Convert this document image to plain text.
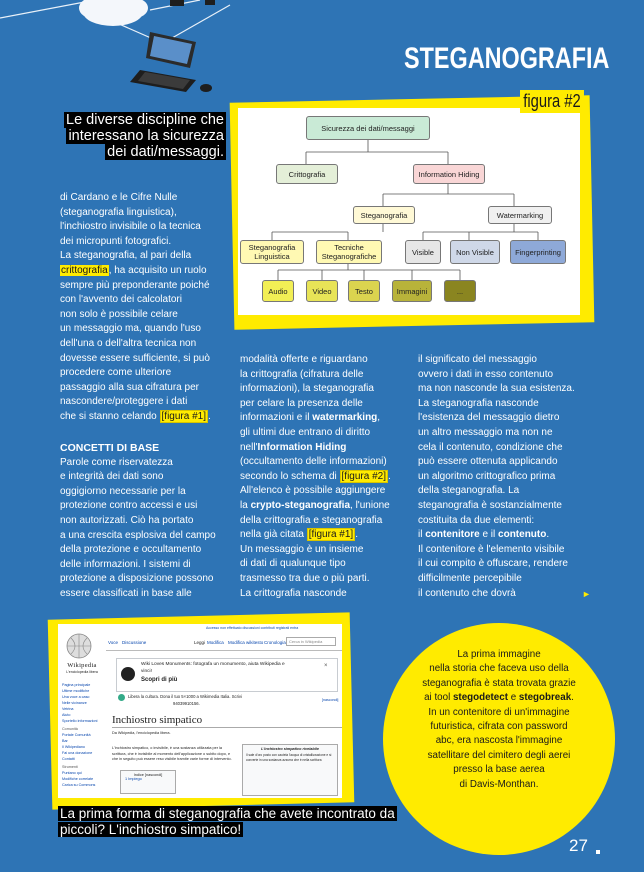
STEGANOGRAFIA
Sicurezza dei dati/messaggi
Crittografia	Information Hiding
Steganografia	Watermarking
Steganografia Linguistica
Tecniche Steganografiche	Visible	Non Visible	Fingerprinting
Audio	Video	Testo	Immagini	...
figura #2
Le diverse discipline che interessano la sicurezza dei dati/messaggi.

di Cardano e le Cifre Nulle

(steganografia linguistica),

l'inchiostro invisibile o la tecnica

dei micropunti fotografici.

La steganografia, al pari della

crittografia, ha acquisito un ruolo

sempre più preponderante poiché

con l'avvento dei calcolatori

non solo è possibile celare

un messaggio ma, quando l'uso

dell'una o dell'altra tecnica non

dovesse essere sufficiente, si può

procedere come ulteriore

passaggio alla sua cifratura per

nascondere/proteggere i dati

che si stanno celando [figura #1] .

CONCETTI DI BASE

Parole come riservatezza

e integrità dei dati sono

oggigiorno necessarie per la

protezione contro accessi e usi

non autorizzati. Ciò ha portato

a una crescita esplosiva del campo

della protezione e occultamento

delle informazioni. I sistemi di

protezione a disposizione possono

essere classificati in base alle

modalità offerte e riguardano

la crittografia (cifratura delle

informazioni), la steganografia

per celare la presenza delle

informazioni e il watermarking,

gli ultimi due entrano di diritto

nell'Information Hiding

(occultamento delle informazioni)

secondo lo schema di [figura #2] .

All'elenco è possibile aggiungere

la crypto-steganografia, l'unione

della crittografia e steganografia

nella già citata [figura #1] .

Un messaggio è un insieme

di dati di qualunque tipo

trasmesso tra due o più parti.

La crittografia nasconde

il significato del messaggio

ovvero i dati in esso contenuto

ma non nasconde la sua esistenza.

La steganografia nasconde

l'esistenza del messaggio dietro

un altro messaggio ma non ne

cela il contenuto, condizione che

può essere ottenuta applicando

un algoritmo crittografico prima

della steganografia. La

steganografia è sostanzialmente

costituita da due elementi:

il contenitore e il contenuto.

Il contenitore è l'elemento visibile

il cui compito è offuscare, rendere

difficilmente percepibile

il contenuto che dovrà	►
Wikipedia
L'enciclopedia libera
Pagina principale
Ultime modifiche
Una voce a caso
Nelle vicinanze
Vetrina
Aiuto
Sportello informazioni
Comunità
Portale Comunità
Bar
Il Wikipediano
Fai una donazione
Contatti
Strumenti
Puntano qui
Modifiche correlate
Carica su Commons
Accesso non effettuato discussioni contributi registrati entra
Voce Discussione	Leggi Modifica Modifica wikitesto Cronologia Cerca in Wikipedia
Wiki Loves Monuments: fotografa un monumento, aiuta Wikipedia e
vinci!
Scopri di più
×
Libera la cultura. Dona il tuo 5×1000 a Wikimedia Italia. Scrivi
94039910156.
[nascondi]
Inchiostro simpatico
Da Wikipedia, l'enciclopedia libera.
L'inchiostro simpatico, o invisibile, è una sostanza utilizzata per la scrittura, che è invisibile al momento dell'applicazione o subito dopo, e che in seguito può essere reso visibile tramite varie forme di intervento.
Indice [nascondi]
1 Impiego
L'inchiostro simpatico rivelabile
Il sale d'oro posto con cautela l'acqua di cristallizzazione e si converte in una sostanza azzurra che è nella scrittura
La prima forma di steganografia che avete incontrato da piccoli? L'inchiostro simpatico!
La prima immagine
nella storia che faceva uso della
steganografia è stata trovata grazie
ai tool stegodetect e stegobreak.
In un contenitore di un'immagine
futuristica, cifrata con password
abc, era nascosta l'immagine
satellitare del cimitero degli aerei
presso la base aerea
di Davis-Monthan.
27
